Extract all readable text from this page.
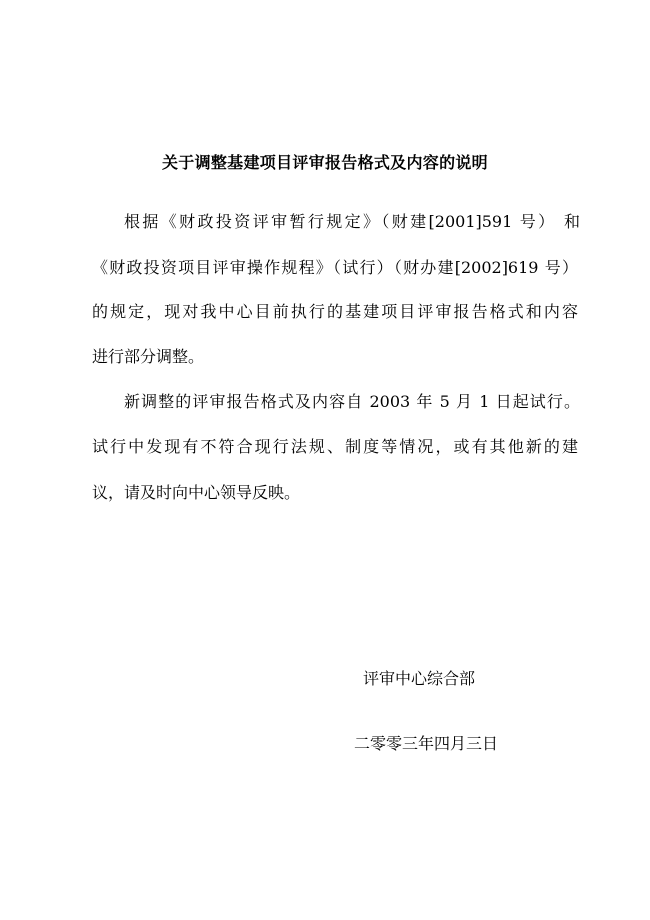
关于调整基建项目评审报告格式及内容的说明
根据《财政投资评审暂行规定》（财建[2001]591 号） 和
《财政投资项目评审操作规程》（试行）（财办建[2002]619 号）
的规定，现对我中心目前执行的基建项目评审报告格式和内容
进行部分调整。
新调整的评审报告格式及内容自 2003 年 5 月 1 日起试行。
试行中发现有不符合现行法规、制度等情况，或有其他新的建
议，请及时向中心领导反映。
评审中心综合部
二零零三年四月三日
